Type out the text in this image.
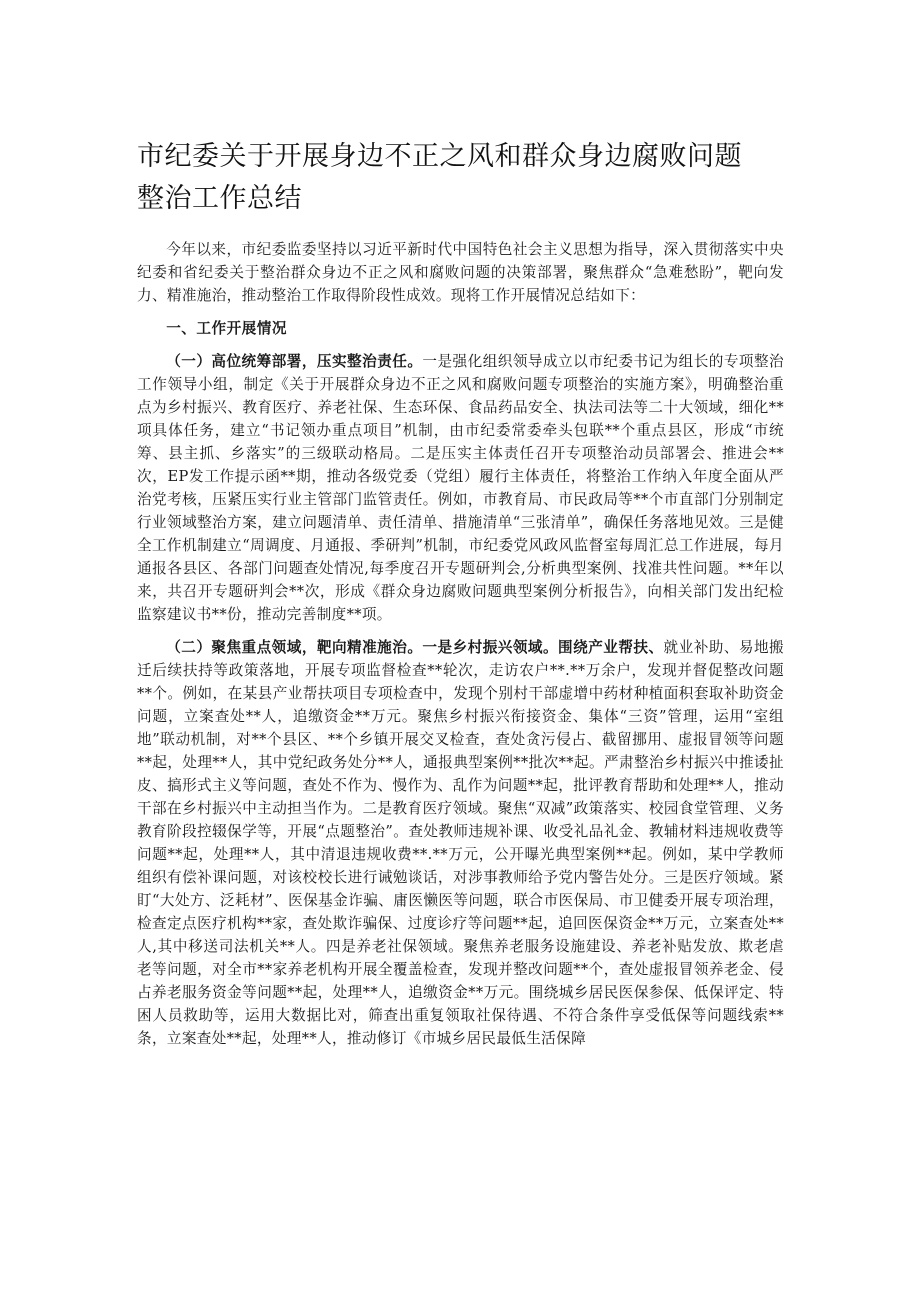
市纪委关于开展身边不正之风和群众身边腐败问题
整治工作总结

今年以来，市纪委监委坚持以习近平新时代中国特色社会主义思想为指导，深入贯彻落实中央纪委和省纪委关于整治群众身边不正之风和腐败问题的决策部署，聚焦群众“急难愁盼”，靶向发力、精准施治，推动整治工作取得阶段性成效。现将工作开展情况总结如下：

一、工作开展情况

（一）高位统筹部署，压实整治责任。一是强化组织领导成立以市纪委书记为组长的专项整治工作领导小组，制定《关于开展群众身边不正之风和腐败问题专项整治的实施方案》，明确整治重点为乡村振兴、教育医疗、养老社保、生态环保、食品药品安全、执法司法等二十大领域，细化**项具体任务，建立“书记领办重点项目”机制，由市纪委常委牵头包联**个重点县区，形成“市统筹、县主抓、乡落实”的三级联动格局。二是压实主体责任召开专项整治动员部署会、推进会**次，EP发工作提示函**期，推动各级党委（党组）履行主体责任，将整治工作纳入年度全面从严治党考核，压紧压实行业主管部门监管责任。例如，市教育局、市民政局等**个市直部门分别制定行业领域整治方案，建立问题清单、责任清单、措施清单“三张清单”，确保任务落地见效。三是健全工作机制建立“周调度、月通报、季研判”机制，市纪委党风政风监督室每周汇总工作进展，每月通报各县区、各部门问题查处情况,每季度召开专题研判会,分析典型案例、找准共性问题。**年以来，共召开专题研判会**次，形成《群众身边腐败问题典型案例分析报告》，向相关部门发出纪检监察建议书**份，推动完善制度**项。

（二）聚焦重点领域，靶向精准施治。一是乡村振兴领域。围绕产业帮扶、就业补助、易地搬迁后续扶持等政策落地，开展专项监督检查**轮次，走访农户**.**万余户，发现并督促整改问题**个。例如，在某县产业帮扶项目专项检查中，发现个别村干部虚增中药材种植面积套取补助资金问题，立案查处**人，追缴资金**万元。聚焦乡村振兴衔接资金、集体“三资”管理，运用“室组地”联动机制，对**个县区、**个乡镇开展交叉检查，查处贪污侵占、截留挪用、虚报冒领等问题**起，处理**人，其中党纪政务处分**人，通报典型案例**批次**起。严肃整治乡村振兴中推诿扯皮、搞形式主义等问题，查处不作为、慢作为、乱作为问题**起，批评教育帮助和处理**人，推动干部在乡村振兴中主动担当作为。二是教育医疗领域。聚焦“双减”政策落实、校园食堂管理、义务教育阶段控辍保学等，开展“点题整治”。查处教师违规补课、收受礼品礼金、教辅材料违规收费等问题**起，处理**人，其中清退违规收费**.**万元，公开曝光典型案例**起。例如，某中学教师组织有偿补课问题，对该校校长进行诫勉谈话，对涉事教师给予党内警告处分。三是医疗领域。紧盯“大处方、泛耗材”、医保基金诈骗、庸医懒医等问题，联合市医保局、市卫健委开展专项治理，检查定点医疗机构**家，查处欺诈骗保、过度诊疗等问题**起，追回医保资金**万元，立案查处**人,其中移送司法机关**人。四是养老社保领域。聚焦养老服务设施建设、养老补贴发放、欺老虐老等问题，对全市**家养老机构开展全覆盖检查，发现并整改问题**个，查处虚报冒领养老金、侵占养老服务资金等问题**起，处理**人，追缴资金**万元。围绕城乡居民医保参保、低保评定、特困人员救助等，运用大数据比对，筛查出重复领取社保待遇、不符合条件享受低保等问题线索**条，立案查处**起，处理**人，推动修订《市城乡居民最低生活保障
